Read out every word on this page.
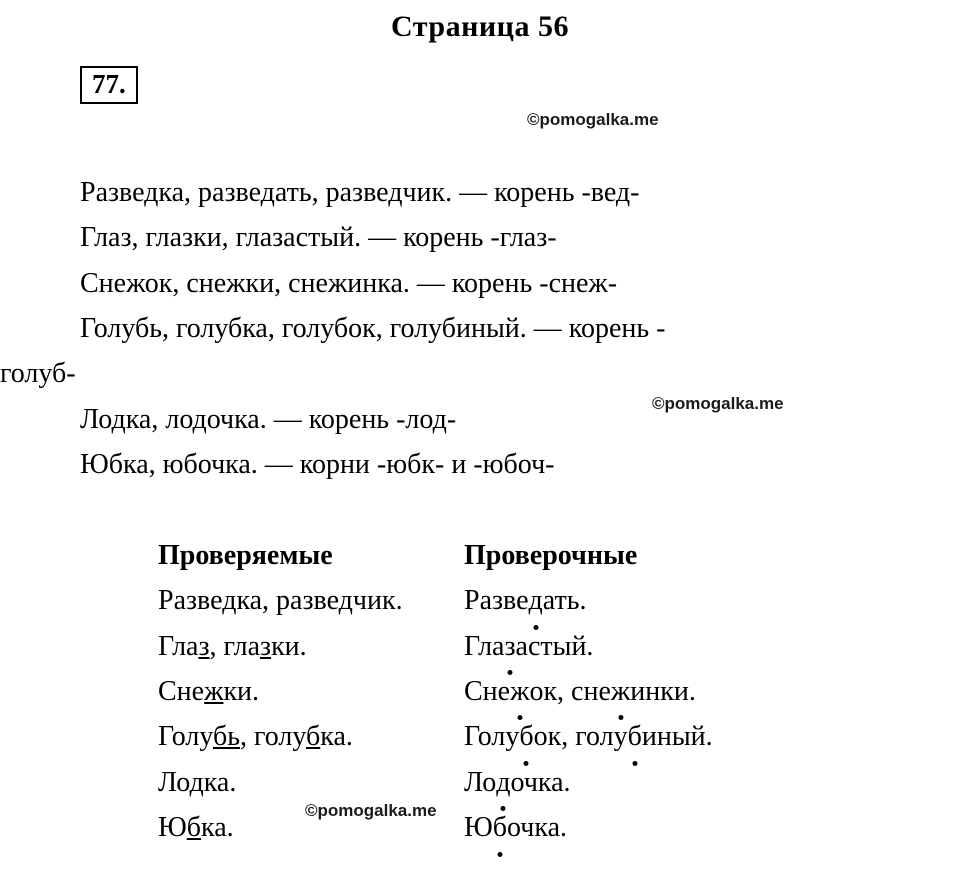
Страница 56
77.
©pomogalka.me
©pomogalka.me
©pomogalka.me
Разведка, разведать, разведчик. — корень -вед-
Глаз, глазки, глазастый. — корень -глаз-
Снежок, снежки, снежинка. — корень -снеж-
Голубь, голубка, голубок, голубиный. — корень -
голуб-
Лодка, лодочка. — корень -лод-
Юбка, юбочка. — корни -юбк- и -юбоч-
Проверяемые	Проверочные
Разведка, разведчик.	Разведать.
Глаз, глазки.	Глазастый.
Снежки.	Снежок, снежинки.
Голубь, голубка.	Голубок, голубиный.
Лодка.	Лодочка.
Юбка.	Юбочка.
